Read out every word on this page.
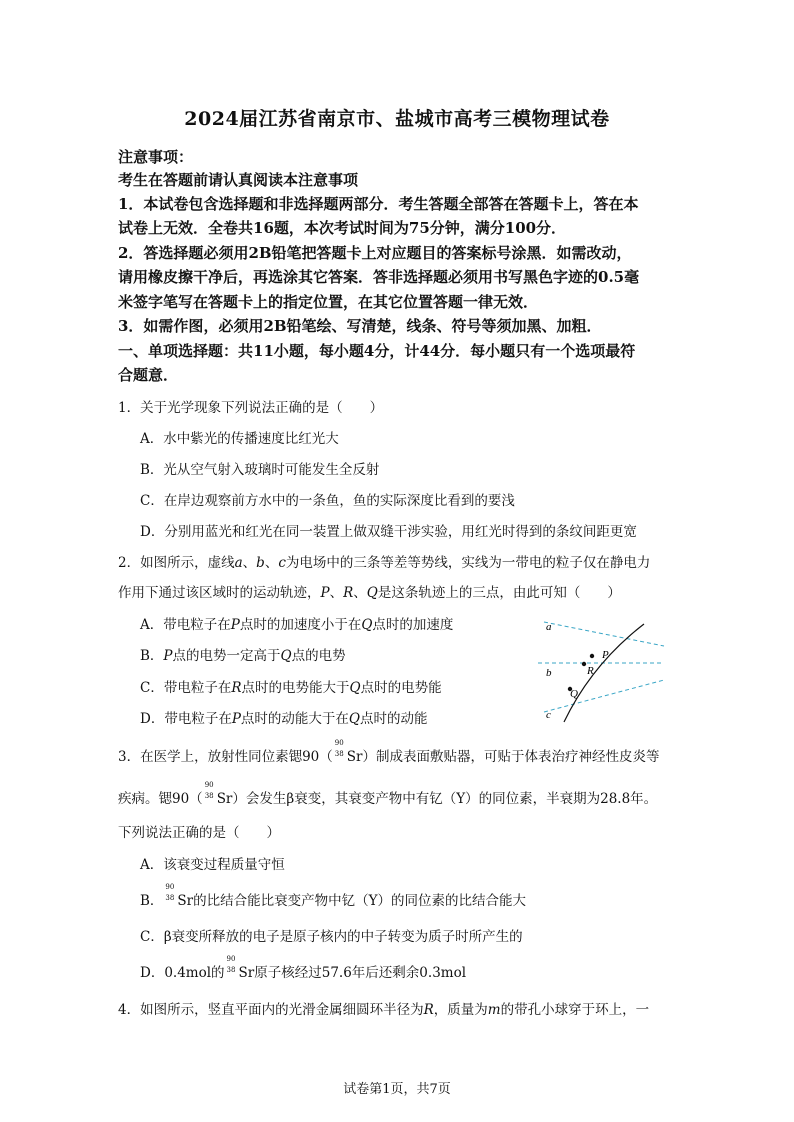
2024届江苏省南京市、盐城市高考三模物理试卷
注意事项：
考生在答题前请认真阅读本注意事项
1．本试卷包含选择题和非选择题两部分．考生答题全部答在答题卡上，答在本
试卷上无效．全卷共16题，本次考试时间为75分钟，满分100分．
2．答选择题必须用2B铅笔把答题卡上对应题目的答案标号涂黑．如需改动，
请用橡皮擦干净后，再选涂其它答案．答非选择题必须用书写黑色字迹的0.5毫
米签字笔写在答题卡上的指定位置，在其它位置答题一律无效．
3．如需作图，必须用2B铅笔绘、写清楚，线条、符号等须加黑、加粗．
一、单项选择题：共11小题，每小题4分，计44分．每小题只有一个选项最符
合题意．
1．关于光学现象下列说法正确的是（　　）
A．水中紫光的传播速度比红光大
B．光从空气射入玻璃时可能发生全反射
C．在岸边观察前方水中的一条鱼，鱼的实际深度比看到的要浅
D．分别用蓝光和红光在同一装置上做双缝干涉实验，用红光时得到的条纹间距更宽
2．如图所示，虚线a、b、c为电场中的三条等差等势线，实线为一带电的粒子仅在静电力
作用下通过该区域时的运动轨迹，P、R、Q是这条轨迹上的三点，由此可知（　　）
A．带电粒子在P点时的加速度小于在Q点时的加速度
B．P点的电势一定高于Q点的电势
C．带电粒子在R点时的电势能大于Q点时的电势能
D．带电粒子在P点时的动能大于在Q点时的动能
a
b
c
P
R
Q
3．在医学上，放射性同位素锶90（
90
38 Sr）制成表面敷贴器，可贴于体表治疗神经性皮炎等
疾病。锶90（
90
38 Sr）会发生β衰变，其衰变产物中有钇（Y）的同位素，半衰期为28.8年。
下列说法正确的是（　　）
A．该衰变过程质量守恒
B．
90
38 Sr的比结合能比衰变产物中钇（Y）的同位素的比结合能大
C．β衰变所释放的电子是原子核内的中子转变为质子时所产生的
D．0.4mol的
90
38 Sr原子核经过57.6年后还剩余0.3mol
4．如图所示，竖直平面内的光滑金属细圆环半径为R，质量为m的带孔小球穿于环上，一
试卷第1页，共7页
